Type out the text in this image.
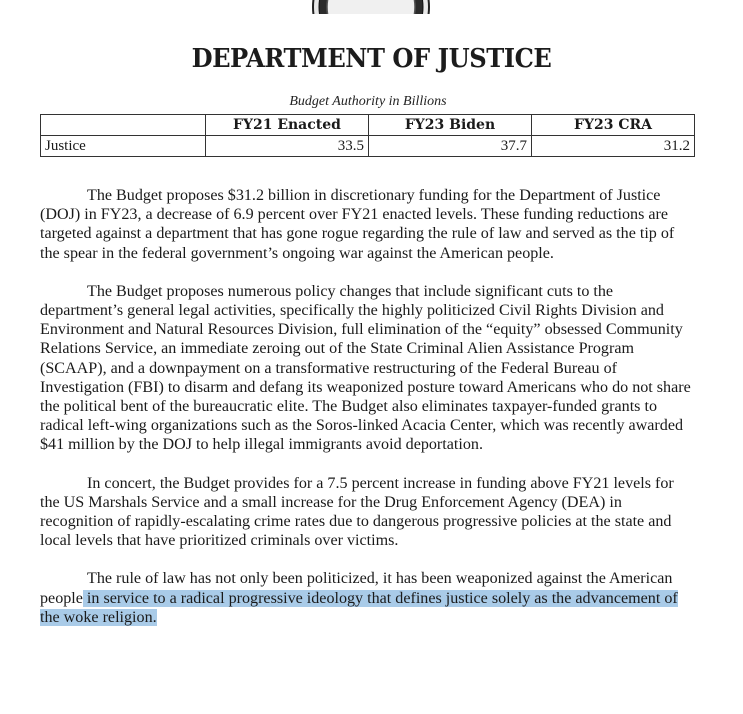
DEPARTMENT OF JUSTICE
Budget Authority in Billions
	FY21 Enacted	FY23 Biden	FY23 CRA
Justice	33.5	37.7	31.2

The Budget proposes $31.2 billion in discretionary funding for the Department of Justice (DOJ) in FY23, a decrease of 6.9 percent over FY21 enacted levels. These funding reductions are targeted against a department that has gone rogue regarding the rule of law and served as the tip of the spear in the federal government’s ongoing war against the American people.

The Budget proposes numerous policy changes that include significant cuts to the department’s general legal activities, specifically the highly politicized Civil Rights Division and Environment and Natural Resources Division, full elimination of the “equity” obsessed Community Relations Service, an immediate zeroing out of the State Criminal Alien Assistance Program (SCAAP), and a downpayment on a transformative restructuring of the Federal Bureau of Investigation (FBI) to disarm and defang its weaponized posture toward Americans who do not share the political bent of the bureaucratic elite. The Budget also eliminates taxpayer-funded grants to radical left-wing organizations such as the Soros-linked Acacia Center, which was recently awarded $41 million by the DOJ to help illegal immigrants avoid deportation.

In concert, the Budget provides for a 7.5 percent increase in funding above FY21 levels for the US Marshals Service and a small increase for the Drug Enforcement Agency (DEA) in recognition of rapidly-escalating crime rates due to dangerous progressive policies at the state and local levels that have prioritized criminals over victims.

The rule of law has not only been politicized, it has been weaponized against the American people in service to a radical progressive ideology that defines justice solely as the advancement of the woke religion.
